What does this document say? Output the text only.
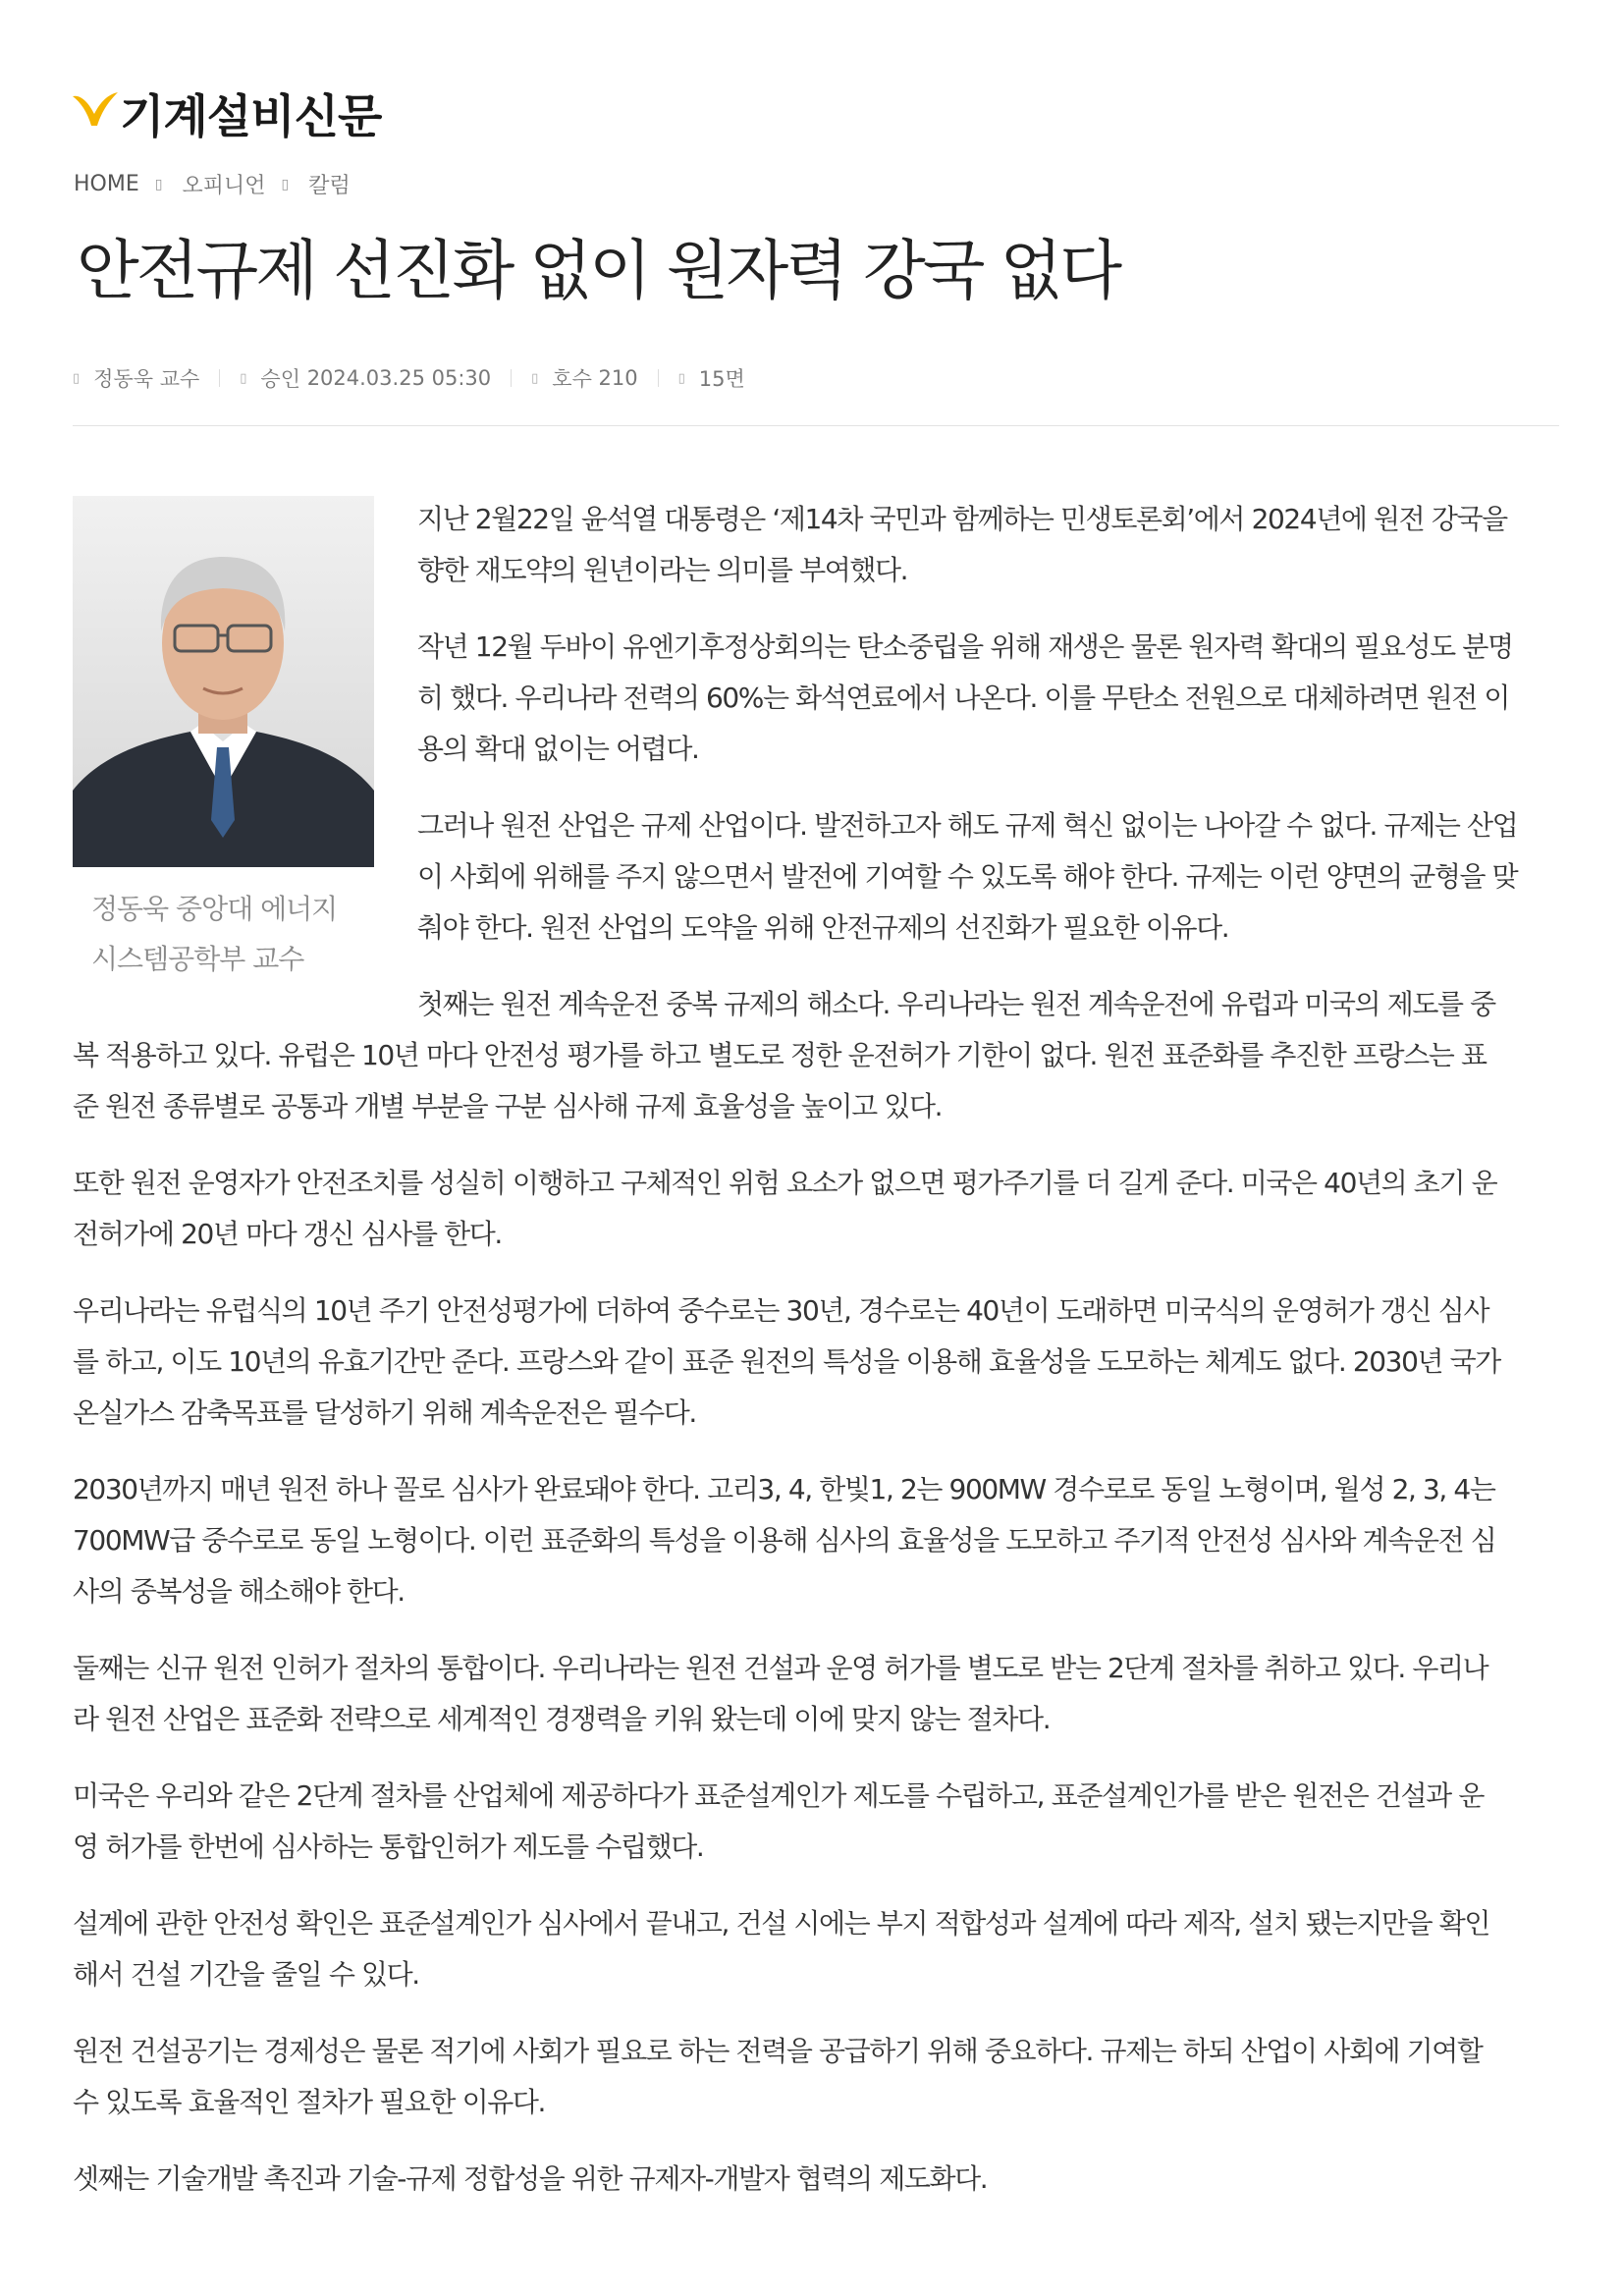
기계설비신문
HOME ▯ 오피니언 ▯ 칼럼
안전규제 선진화 없이 원자력 강국 없다
▯ 정동욱 교수	▯ 승인
2024.03.25 05:30	▯ 호수
210	▯ 15면
정동욱 중앙대 에너지
시스템공학부 교수

지난 2월22일 윤석열 대통령은 ‘제14차 국민과 함께하는 민생토론회’에서 2024년에 원전 강국을
향한 재도약의 원년이라는 의미를 부여했다.

작년 12월 두바이 유엔기후정상회의는 탄소중립을 위해 재생은 물론 원자력 확대의 필요성도 분명
히 했다. 우리나라 전력의 60%는 화석연료에서 나온다. 이를 무탄소 전원으로 대체하려면 원전 이
용의 확대 없이는 어렵다.

그러나 원전 산업은 규제 산업이다. 발전하고자 해도 규제 혁신 없이는 나아갈 수 없다. 규제는 산업
이 사회에 위해를 주지 않으면서 발전에 기여할 수 있도록 해야 한다. 규제는 이런 양면의 균형을 맞
춰야 한다. 원전 산업의 도약을 위해 안전규제의 선진화가 필요한 이유다.

첫째는 원전 계속운전 중복 규제의 해소다. 우리나라는 원전 계속운전에 유럽과 미국의 제도를 중
복 적용하고 있다. 유럽은 10년 마다 안전성 평가를 하고 별도로 정한 운전허가 기한이 없다. 원전 표준화를 추진한 프랑스는 표
준 원전 종류별로 공통과 개별 부분을 구분 심사해 규제 효율성을 높이고 있다.

또한 원전 운영자가 안전조치를 성실히 이행하고 구체적인 위험 요소가 없으면 평가주기를 더 길게 준다. 미국은 40년의 초기 운
전허가에 20년 마다 갱신 심사를 한다.

우리나라는 유럽식의 10년 주기 안전성평가에 더하여 중수로는 30년, 경수로는 40년이 도래하면 미국식의 운영허가 갱신 심사
를 하고, 이도 10년의 유효기간만 준다. 프랑스와 같이 표준 원전의 특성을 이용해 효율성을 도모하는 체계도 없다. 2030년 국가
온실가스 감축목표를 달성하기 위해 계속운전은 필수다.

2030년까지 매년 원전 하나 꼴로 심사가 완료돼야 한다. 고리3, 4, 한빛1, 2는 900MW 경수로로 동일 노형이며, 월성 2, 3, 4는
700MW급 중수로로 동일 노형이다. 이런 표준화의 특성을 이용해 심사의 효율성을 도모하고 주기적 안전성 심사와 계속운전 심
사의 중복성을 해소해야 한다.

둘째는 신규 원전 인허가 절차의 통합이다. 우리나라는 원전 건설과 운영 허가를 별도로 받는 2단계 절차를 취하고 있다. 우리나
라 원전 산업은 표준화 전략으로 세계적인 경쟁력을 키워 왔는데 이에 맞지 않는 절차다.

미국은 우리와 같은 2단계 절차를 산업체에 제공하다가 표준설계인가 제도를 수립하고, 표준설계인가를 받은 원전은 건설과 운
영 허가를 한번에 심사하는 통합인허가 제도를 수립했다.

설계에 관한 안전성 확인은 표준설계인가 심사에서 끝내고, 건설 시에는 부지 적합성과 설계에 따라 제작, 설치 됐는지만을 확인
해서 건설 기간을 줄일 수 있다.

원전 건설공기는 경제성은 물론 적기에 사회가 필요로 하는 전력을 공급하기 위해 중요하다. 규제는 하되 산업이 사회에 기여할
수 있도록 효율적인 절차가 필요한 이유다.

셋째는 기술개발 촉진과 기술-규제 정합성을 위한 규제자-개발자 협력의 제도화다.
